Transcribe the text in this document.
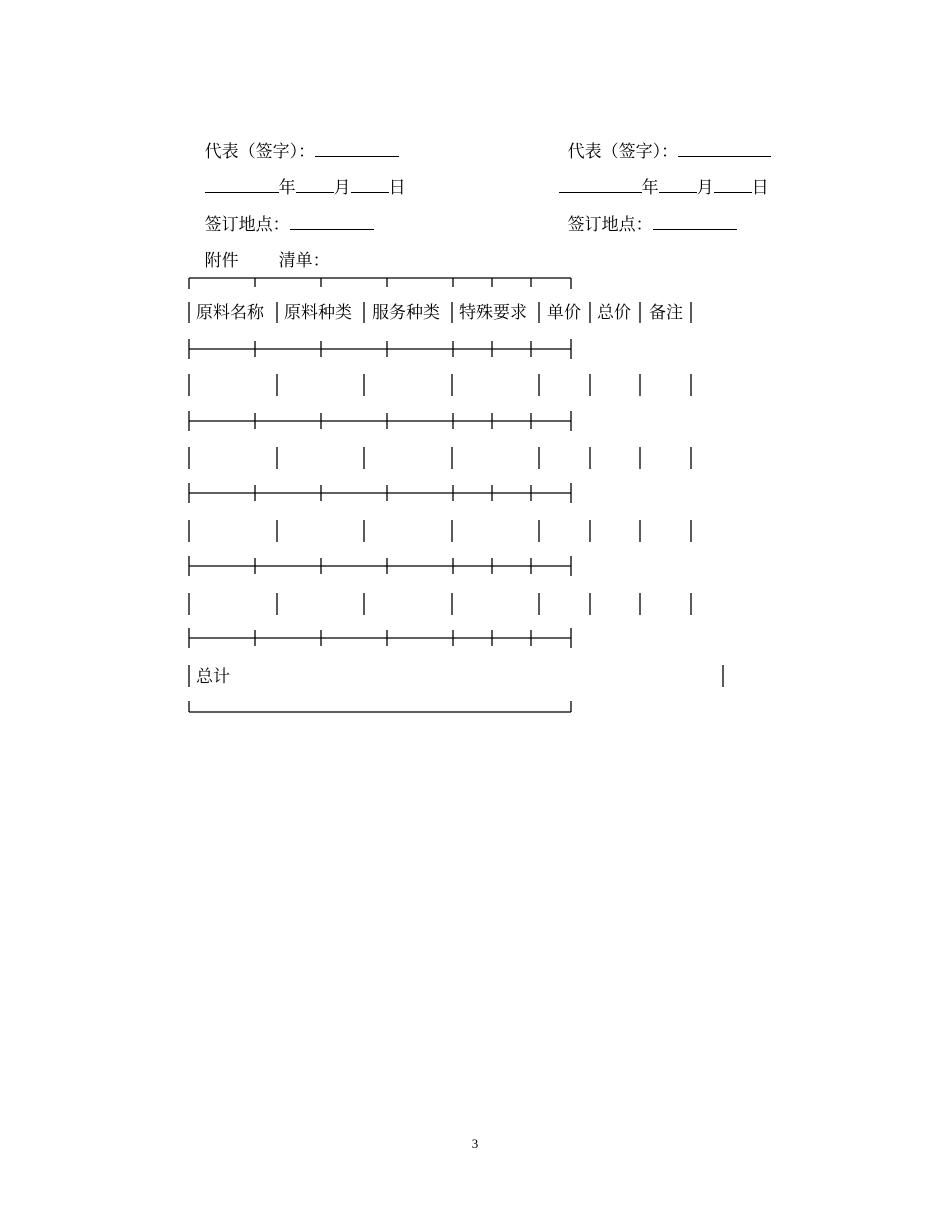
代表（签字）：

年 月 日

签订地点：

代表（签字）：

年 月 日

签订地点：

附件 清单：

原料名称 原料种类 服务种类 特殊要求 单价 总价 备注
总计
3
